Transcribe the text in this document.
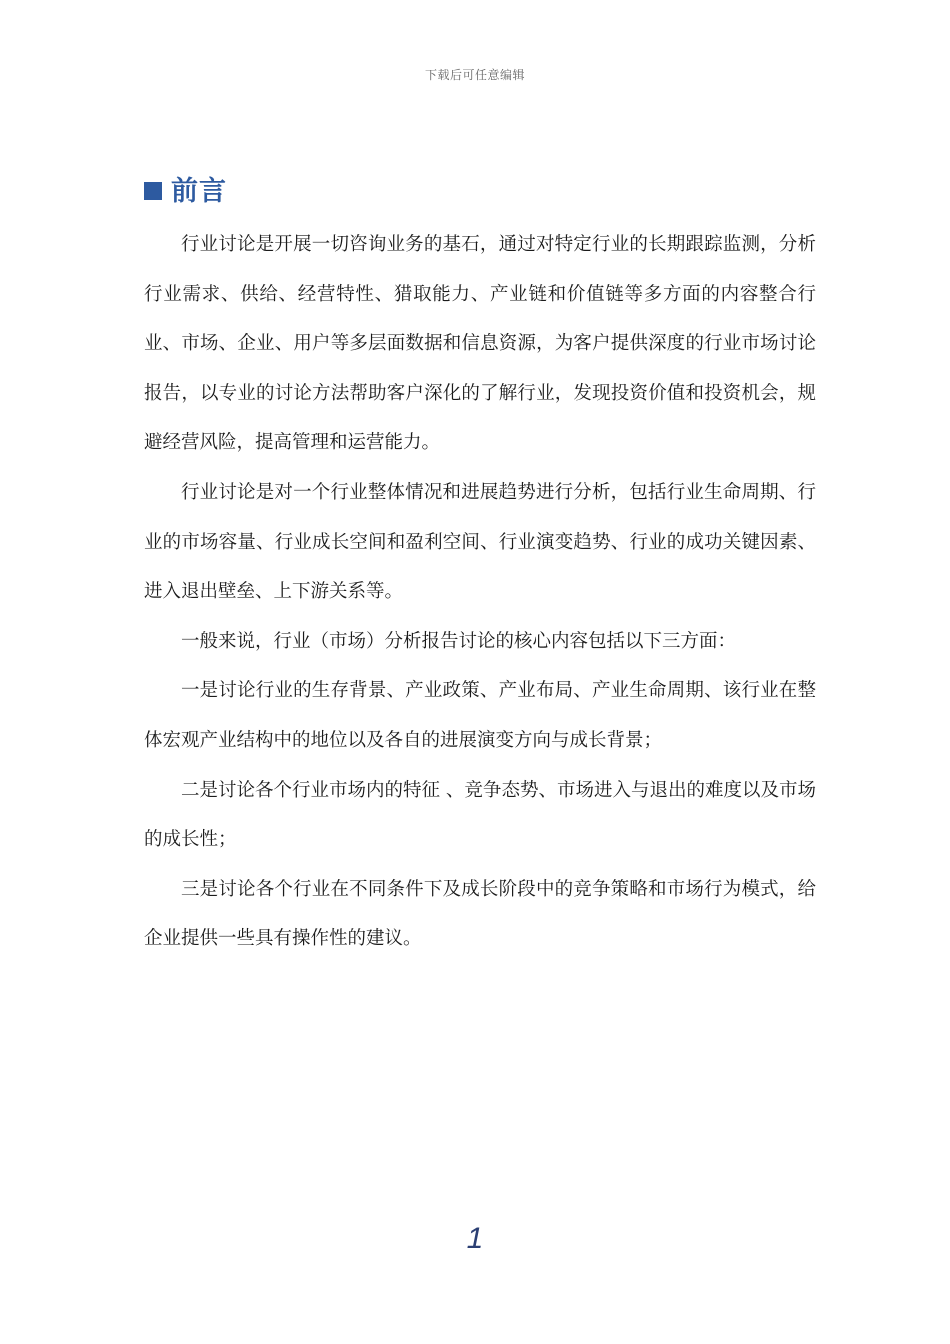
下载后可任意编辑
前言

行业讨论是开展一切咨询业务的基石，通过对特定行业的长期跟踪监测，分析行业需求、供给、经营特性、猎取能力、产业链和价值链等多方面的内容整合行业、市场、企业、用户等多层面数据和信息资源，为客户提供深度的行业市场讨论报告，以专业的讨论方法帮助客户深化的了解行业，发现投资价值和投资机会，规避经营风险，提高管理和运营能力。

行业讨论是对一个行业整体情况和进展趋势进行分析，包括行业生命周期、行业的市场容量、行业成长空间和盈利空间、行业演变趋势、行业的成功关键因素、进入退出壁垒、上下游关系等。

一般来说，行业（市场）分析报告讨论的核心内容包括以下三方面：

一是讨论行业的生存背景、产业政策、产业布局、产业生命周期、该行业在整体宏观产业结构中的地位以及各自的进展演变方向与成长背景；

二是讨论各个行业市场内的特征 、竞争态势、市场进入与退出的难度以及市场的成长性；

三是讨论各个行业在不同条件下及成长阶段中的竞争策略和市场行为模式，给企业提供一些具有操作性的建议。

1
